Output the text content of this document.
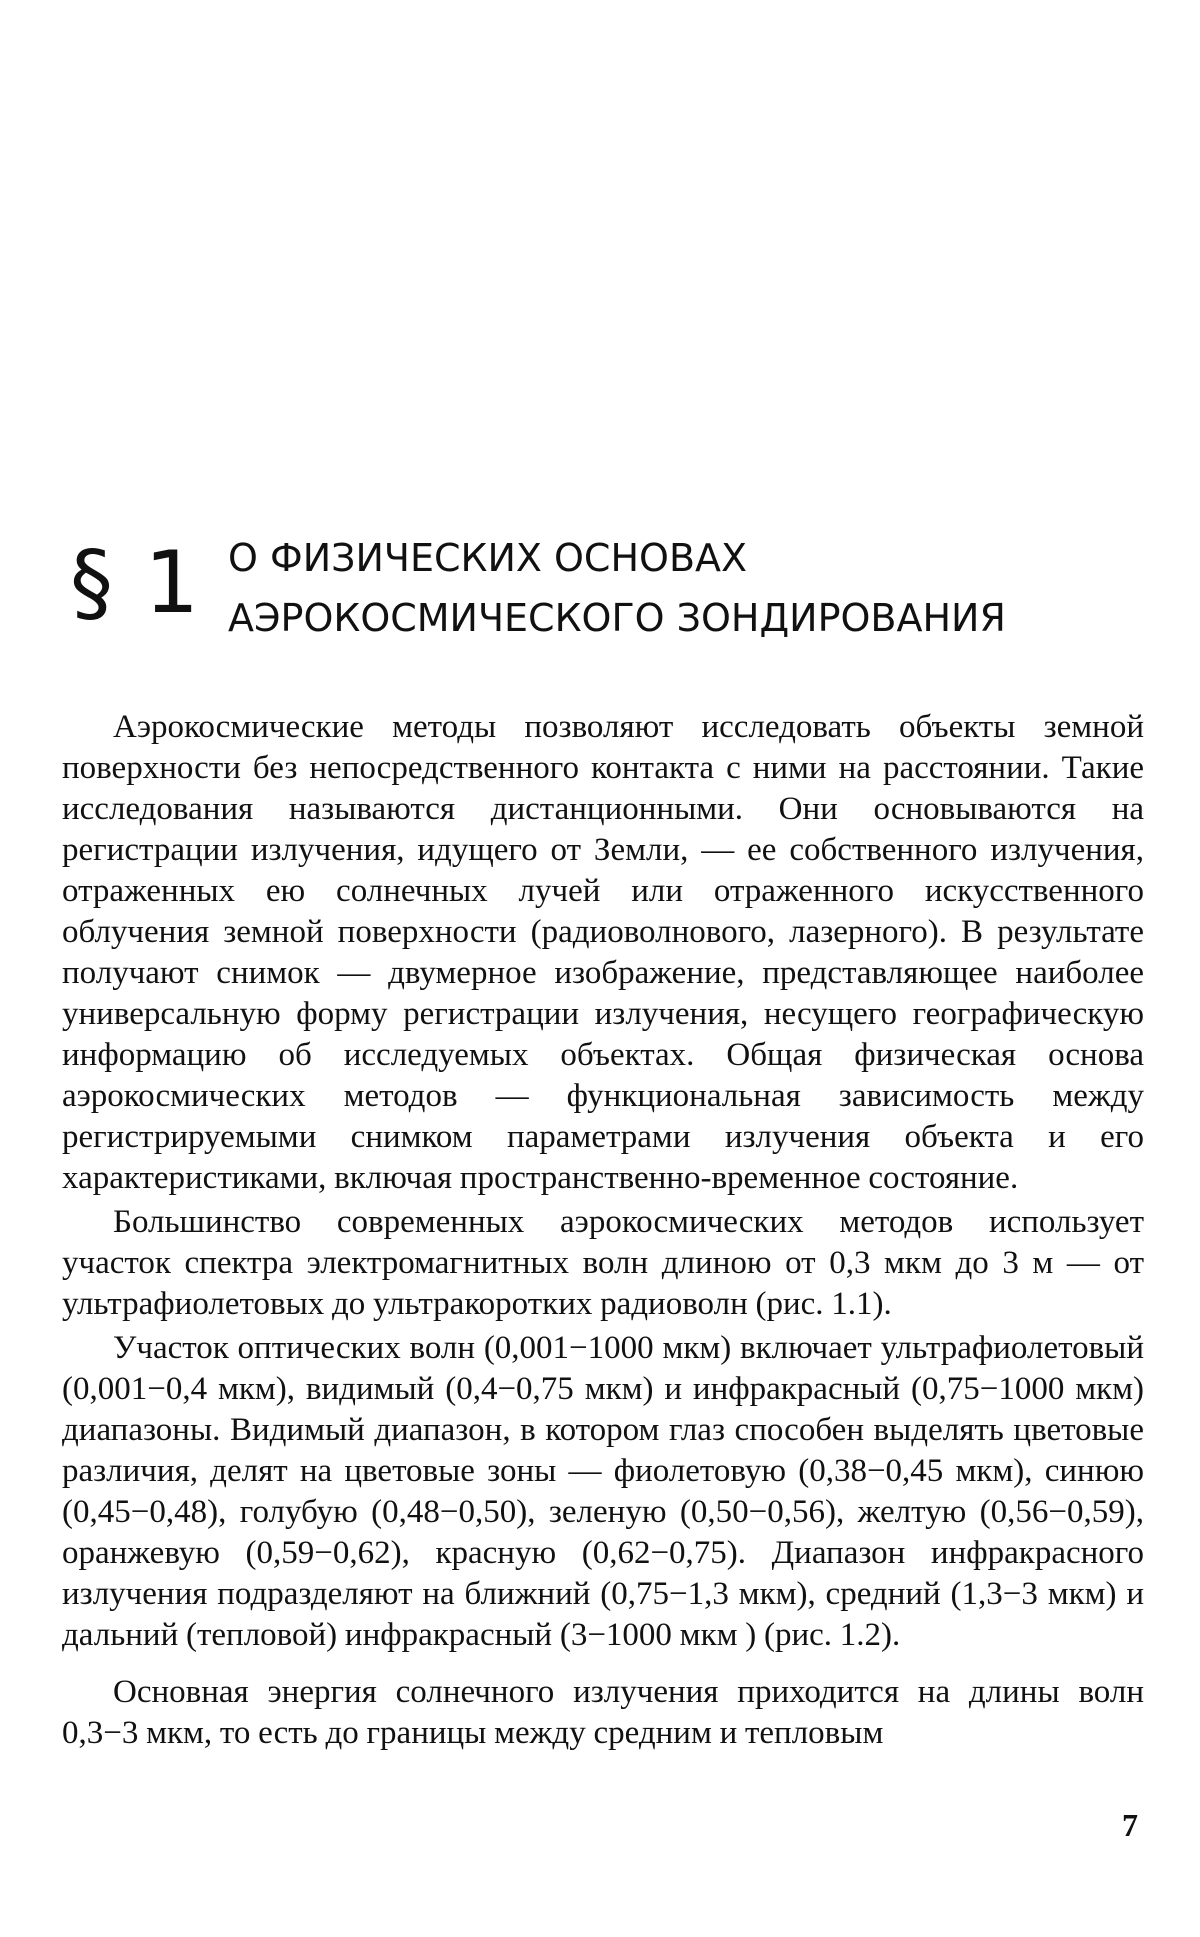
§ 1 О ФИЗИЧЕСКИХ ОСНОВАХ
АЭРОКОСМИЧЕСКОГО ЗОНДИРОВАНИЯ

Аэрокосмические методы позволяют исследовать объекты земной поверхности без непосредственного контакта с ними на расстоянии. Такие исследования называются дистанционными. Они основываются на регистрации излучения, идущего от Земли, — ее собственного излучения, отраженных ею солнечных лучей или отраженного искусственного облучения земной поверхности (радиоволнового, лазерного). В результате получают снимок — двумерное изображение, представляющее наиболее универсальную форму регистрации излучения, несущего географическую информацию об исследуемых объектах. Общая физическая основа аэрокосмических методов — функциональная зависимость между регистрируемыми снимком параметрами излучения объекта и его характеристиками, включая пространственно-временное состояние.

Большинство современных аэрокосмических методов использует участок спектра электромагнитных волн длиною от 0,3 мкм до 3 м — от ультрафиолетовых до ультракоротких радиоволн (рис. 1.1).

Участок оптических волн (0,001−1000 мкм) включает ультрафиолетовый (0,001−0,4 мкм), видимый (0,4−0,75 мкм) и инфракрасный (0,75−1000 мкм) диапазоны. Видимый диапазон, в котором глаз способен выделять цветовые различия, делят на цветовые зоны — фиолетовую (0,38−0,45 мкм), синюю (0,45−0,48), голубую (0,48−0,50), зеленую (0,50−0,56), желтую (0,56−0,59), оранжевую (0,59−0,62), красную (0,62−0,75). Диапазон инфракрасного излучения подразделяют на ближний (0,75−1,3 мкм), средний (1,3−3 мкм) и дальний (тепловой) инфракрасный (3−1000 мкм ) (рис. 1.2).

Основная энергия солнечного излучения приходится на длины волн 0,3−3 мкм, то есть до границы между средним и тепловым

7
